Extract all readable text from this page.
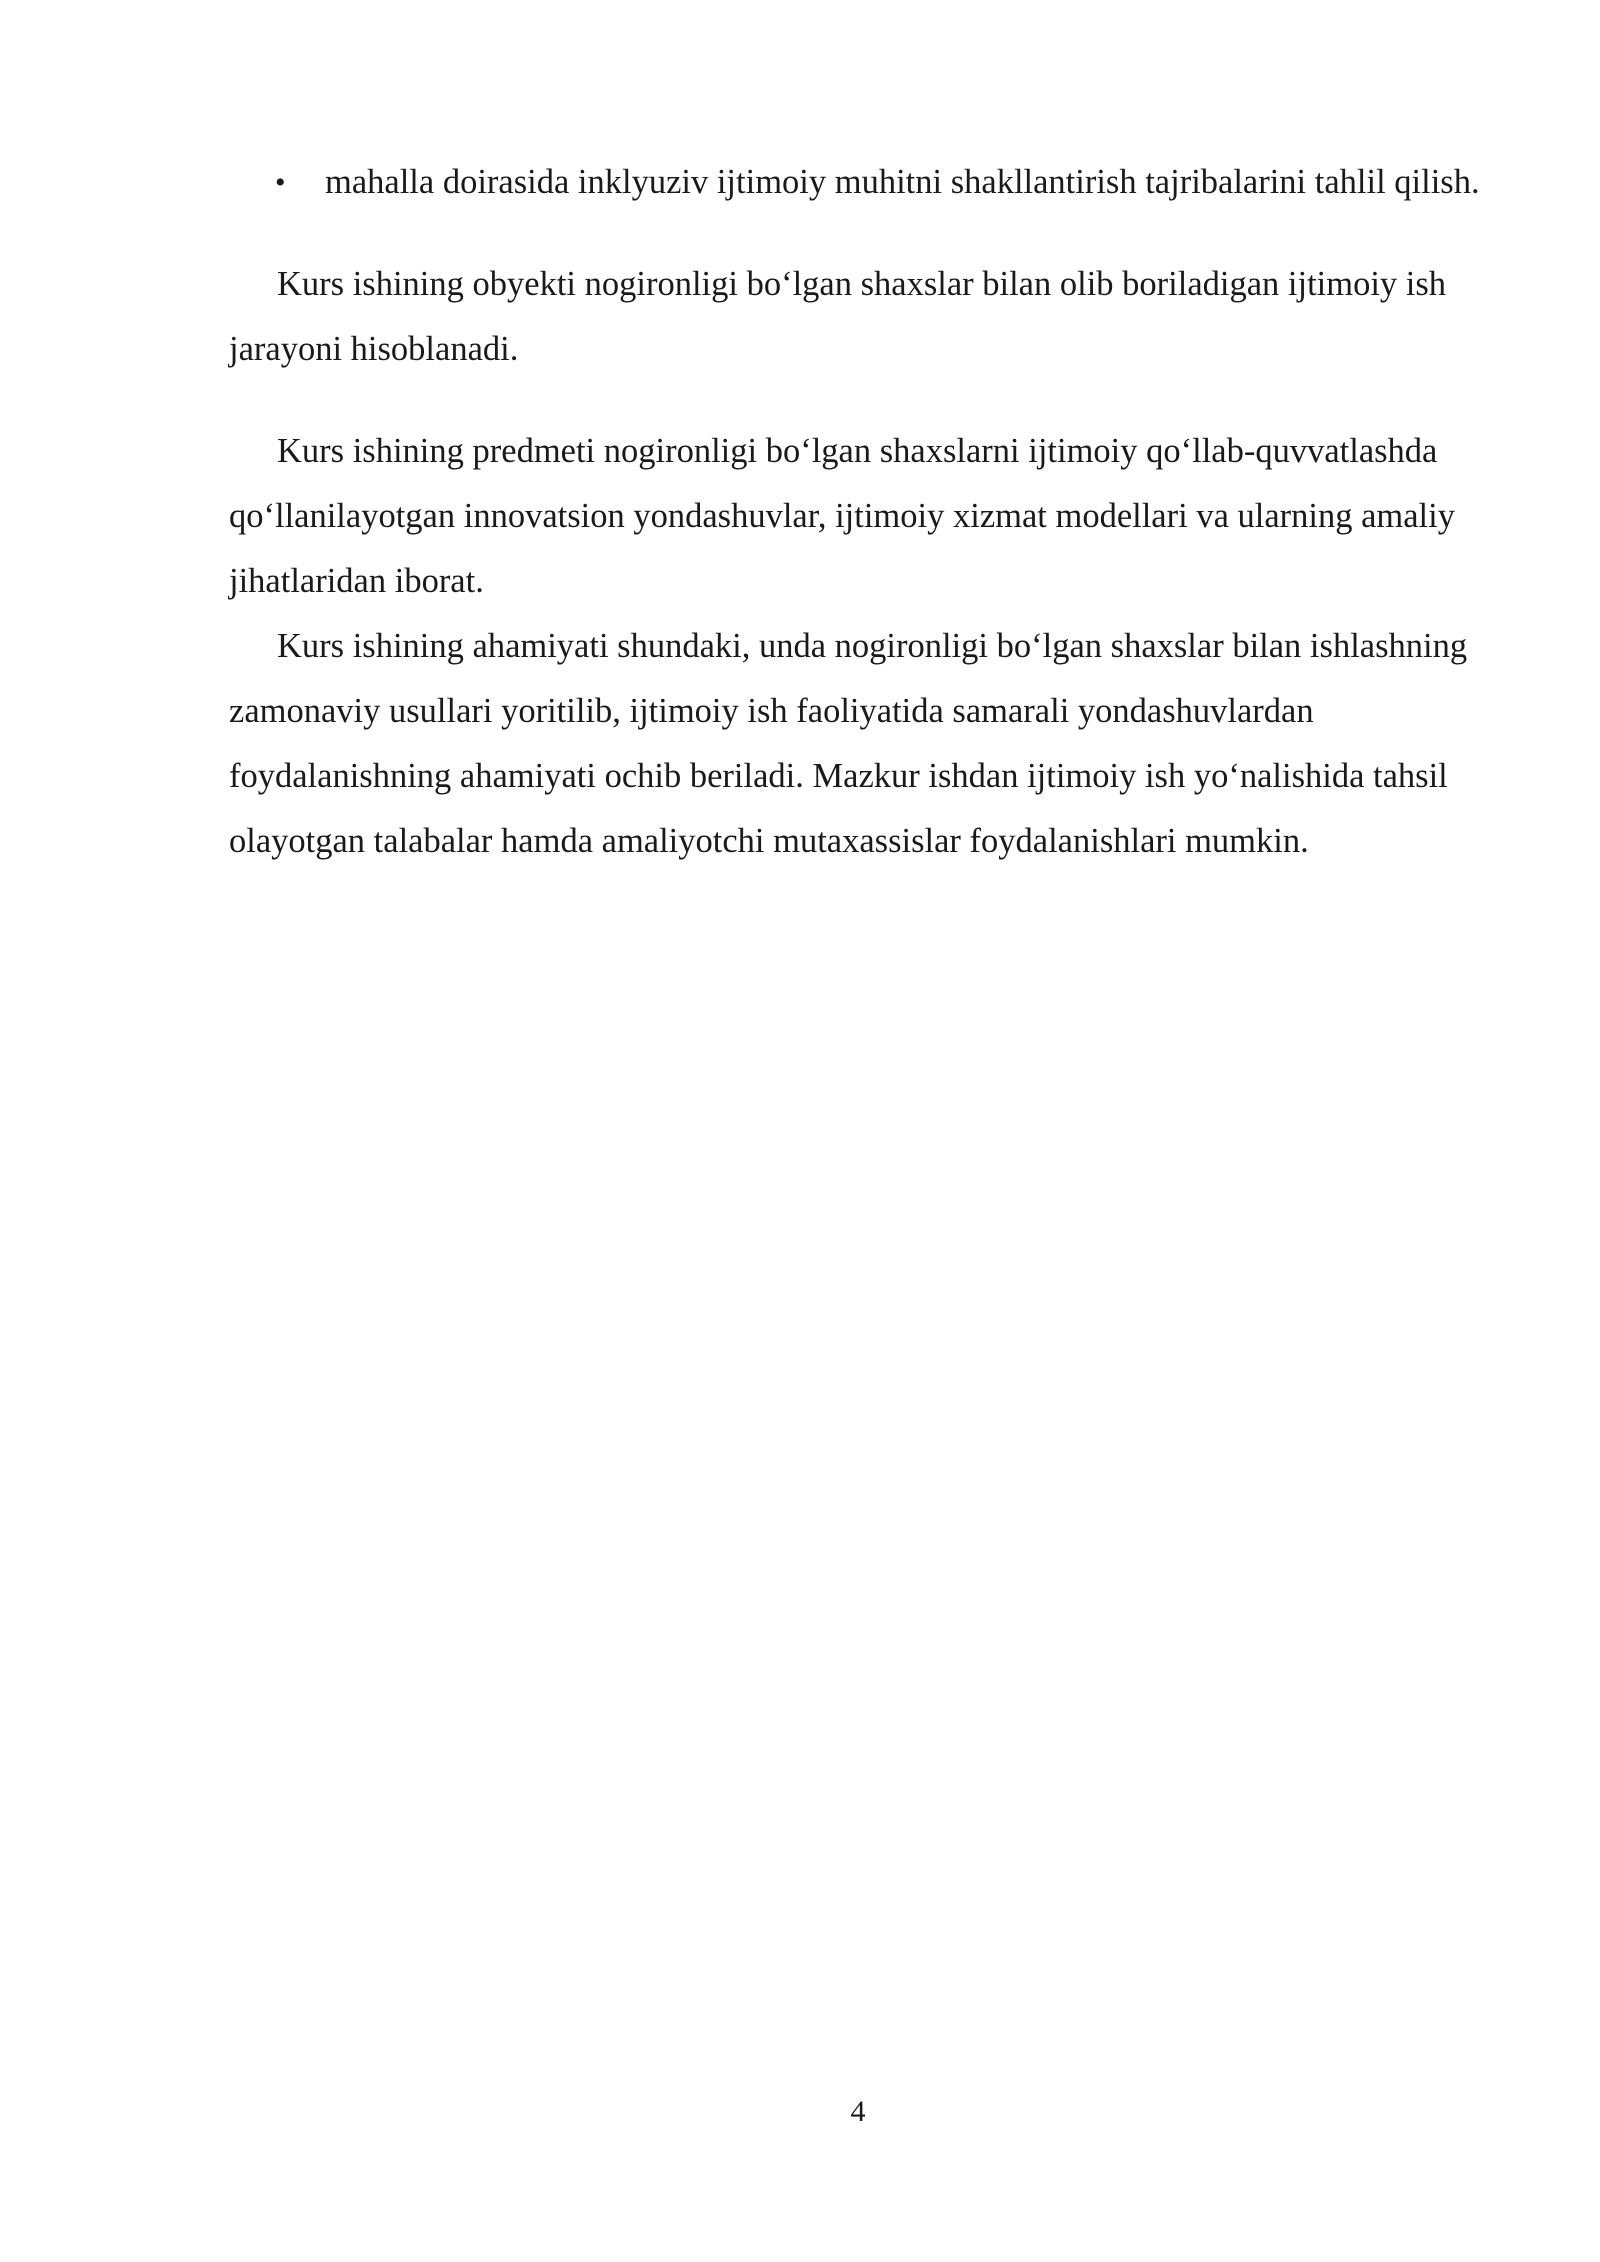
• mahalla doirasida inklyuziv ijtimoiy muhitni shakllantirish tajribalarini tahlil qilish.

Kurs ishining obyekti nogironligi bo‘lgan shaxslar bilan olib boriladigan ijtimoiy ish jarayoni hisoblanadi.

Kurs ishining predmeti nogironligi bo‘lgan shaxslarni ijtimoiy qo‘llab-quvvatlashda qo‘llanilayotgan innovatsion yondashuvlar, ijtimoiy xizmat modellari va ularning amaliy jihatlaridan iborat.

Kurs ishining ahamiyati shundaki, unda nogironligi bo‘lgan shaxslar bilan ishlashning zamonaviy usullari yoritilib, ijtimoiy ish faoliyatida samarali yondashuvlardan foydalanishning ahamiyati ochib beriladi. Mazkur ishdan ijtimoiy ish yo‘nalishida tahsil olayotgan talabalar hamda amaliyotchi mutaxassislar foydalanishlari mumkin.

4
